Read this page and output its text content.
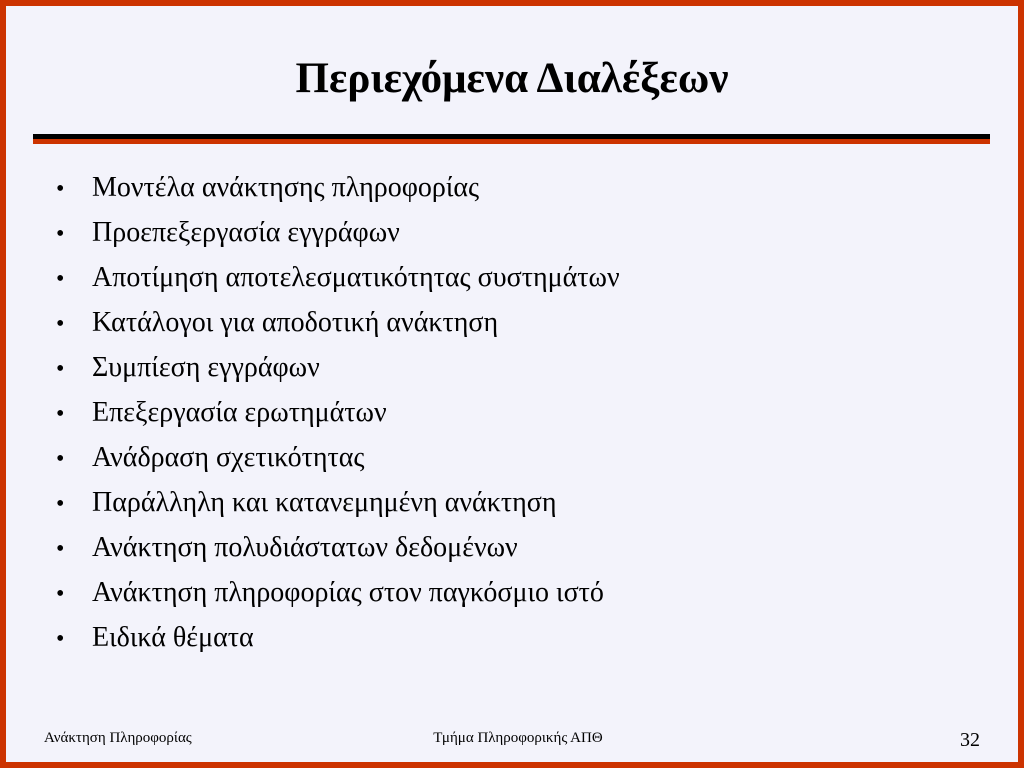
Περιεχόμενα Διαλέξεων
• Μοντέλα ανάκτησης πληροφορίας
• Προεπεξεργασία εγγράφων
• Αποτίμηση αποτελεσματικότητας συστημάτων
• Κατάλογοι για αποδοτική ανάκτηση
• Συμπίεση εγγράφων
• Επεξεργασία ερωτημάτων
• Ανάδραση σχετικότητας
• Παράλληλη και κατανεμημένη ανάκτηση
• Ανάκτηση πολυδιάστατων δεδομένων
• Ανάκτηση πληροφορίας στον παγκόσμιο ιστό
• Ειδικά θέματα
Τμήμα Πληροφορικής ΑΠΘ
Ανάκτηση Πληροφορίας	32
